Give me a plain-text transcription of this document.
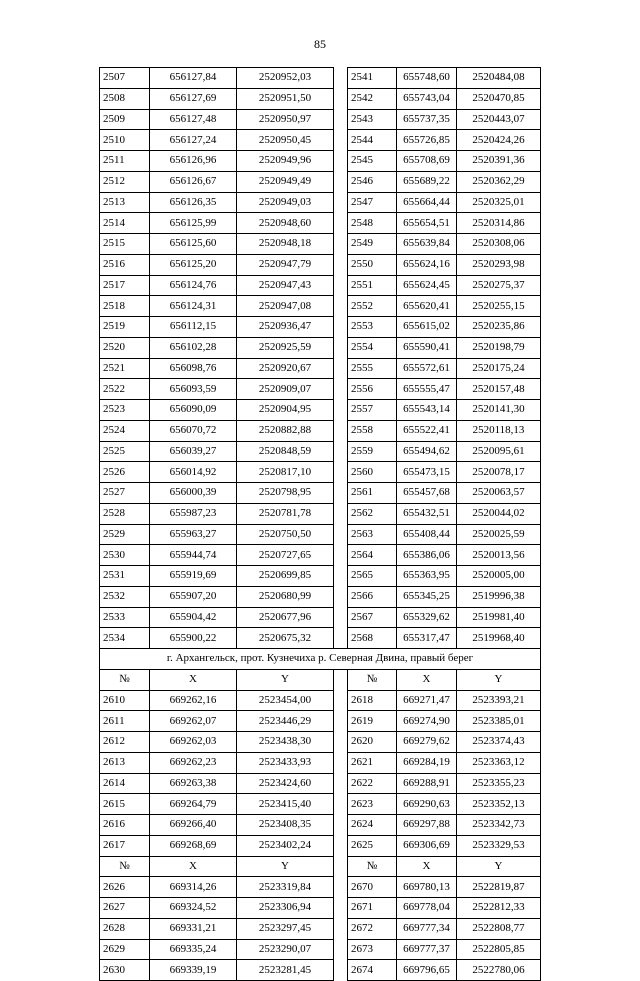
85
2507	656127,84	2520952,03		2541	655748,60	2520484,08
2508	656127,69	2520951,50		2542	655743,04	2520470,85
2509	656127,48	2520950,97		2543	655737,35	2520443,07
2510	656127,24	2520950,45		2544	655726,85	2520424,26
2511	656126,96	2520949,96		2545	655708,69	2520391,36
2512	656126,67	2520949,49		2546	655689,22	2520362,29
2513	656126,35	2520949,03		2547	655664,44	2520325,01
2514	656125,99	2520948,60		2548	655654,51	2520314,86
2515	656125,60	2520948,18		2549	655639,84	2520308,06
2516	656125,20	2520947,79		2550	655624,16	2520293,98
2517	656124,76	2520947,43		2551	655624,45	2520275,37
2518	656124,31	2520947,08		2552	655620,41	2520255,15
2519	656112,15	2520936,47		2553	655615,02	2520235,86
2520	656102,28	2520925,59		2554	655590,41	2520198,79
2521	656098,76	2520920,67		2555	655572,61	2520175,24
2522	656093,59	2520909,07		2556	655555,47	2520157,48
2523	656090,09	2520904,95		2557	655543,14	2520141,30
2524	656070,72	2520882,88		2558	655522,41	2520118,13
2525	656039,27	2520848,59		2559	655494,62	2520095,61
2526	656014,92	2520817,10		2560	655473,15	2520078,17
2527	656000,39	2520798,95		2561	655457,68	2520063,57
2528	655987,23	2520781,78		2562	655432,51	2520044,02
2529	655963,27	2520750,50		2563	655408,44	2520025,59
2530	655944,74	2520727,65		2564	655386,06	2520013,56
2531	655919,69	2520699,85		2565	655363,95	2520005,00
2532	655907,20	2520680,99		2566	655345,25	2519996,38
2533	655904,42	2520677,96		2567	655329,62	2519981,40
2534	655900,22	2520675,32		2568	655317,47	2519968,40
г. Архангельск, прот. Кузнечиха р. Северная Двина, правый берег						
№	X	Y		№	X	Y
2610	669262,16	2523454,00		2618	669271,47	2523393,21
2611	669262,07	2523446,29		2619	669274,90	2523385,01
2612	669262,03	2523438,30		2620	669279,62	2523374,43
2613	669262,23	2523433,93		2621	669284,19	2523363,12
2614	669263,38	2523424,60		2622	669288,91	2523355,23
2615	669264,79	2523415,40		2623	669290,63	2523352,13
2616	669266,40	2523408,35		2624	669297,88	2523342,73
2617	669268,69	2523402,24		2625	669306,69	2523329,53
№	X	Y		№	X	Y
2626	669314,26	2523319,84		2670	669780,13	2522819,87
2627	669324,52	2523306,94		2671	669778,04	2522812,33
2628	669331,21	2523297,45		2672	669777,34	2522808,77
2629	669335,24	2523290,07		2673	669777,37	2522805,85
2630	669339,19	2523281,45		2674	669796,65	2522780,06
